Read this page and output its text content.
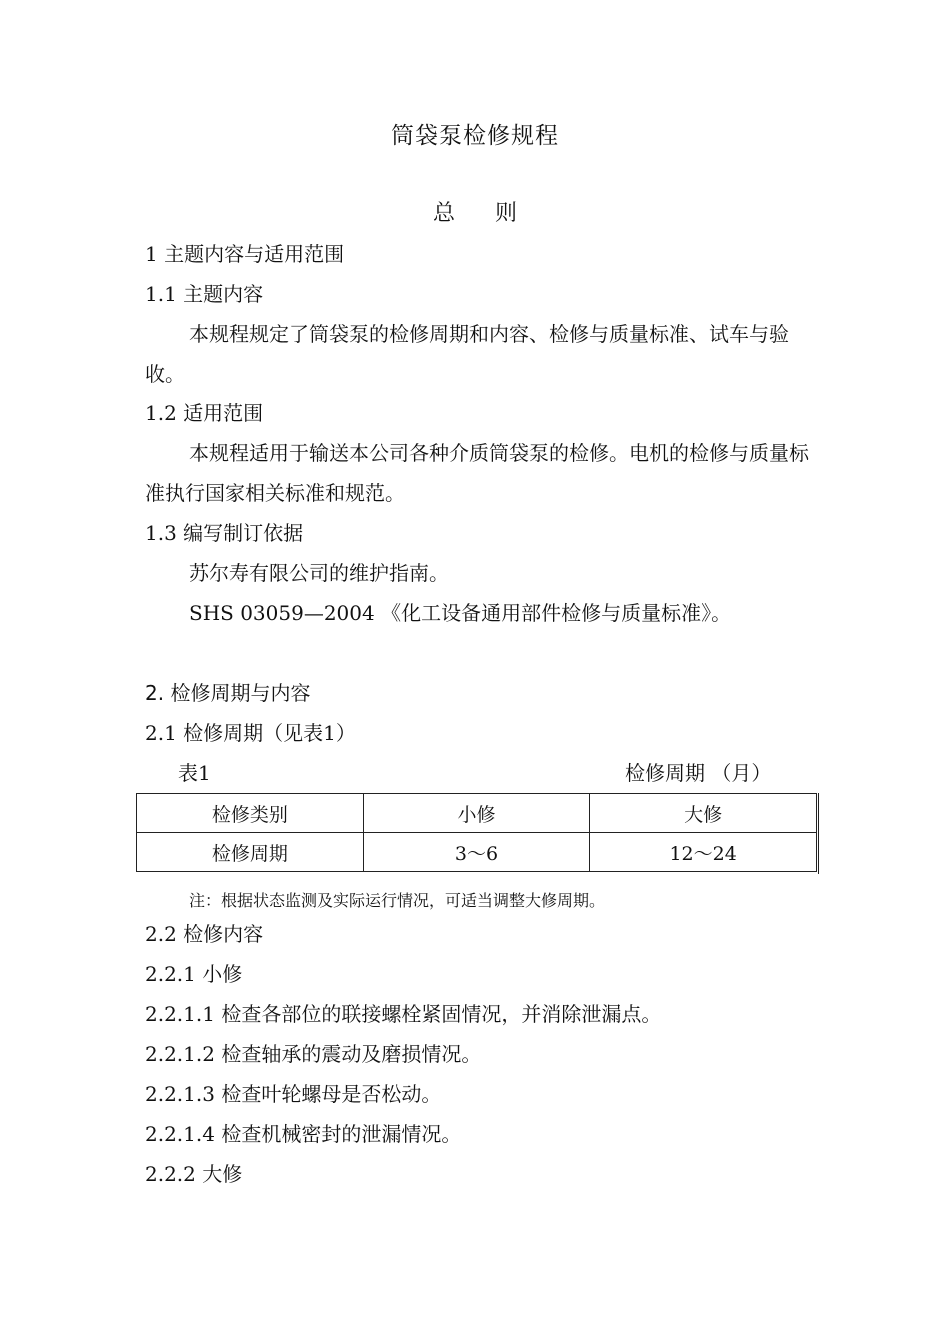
筒袋泵检修规程
总则
1 主题内容与适用范围
1.1 主题内容
本规程规定了筒袋泵的检修周期和内容、检修与质量标准、试车与验收。
1.2 适用范围
本规程适用于输送本公司各种介质筒袋泵的检修。电机的检修与质量标准执行国家相关标准和规范。
1.3 编写制订依据
苏尔寿有限公司的维护指南。
SHS 03059—2004 《化工设备通用部件检修与质量标准》。
2. 检修周期与内容
2.1 检修周期（见表1）
表1	检修周期 （月）
检修类别	小修	大修
检修周期	3～6	12～24
注：根据状态监测及实际运行情况，可适当调整大修周期。
2.2 检修内容
2.2.1 小修
2.2.1.1 检查各部位的联接螺栓紧固情况，并消除泄漏点。
2.2.1.2 检查轴承的震动及磨损情况。
2.2.1.3 检查叶轮螺母是否松动。
2.2.1.4 检查机械密封的泄漏情况。
2.2.2 大修
